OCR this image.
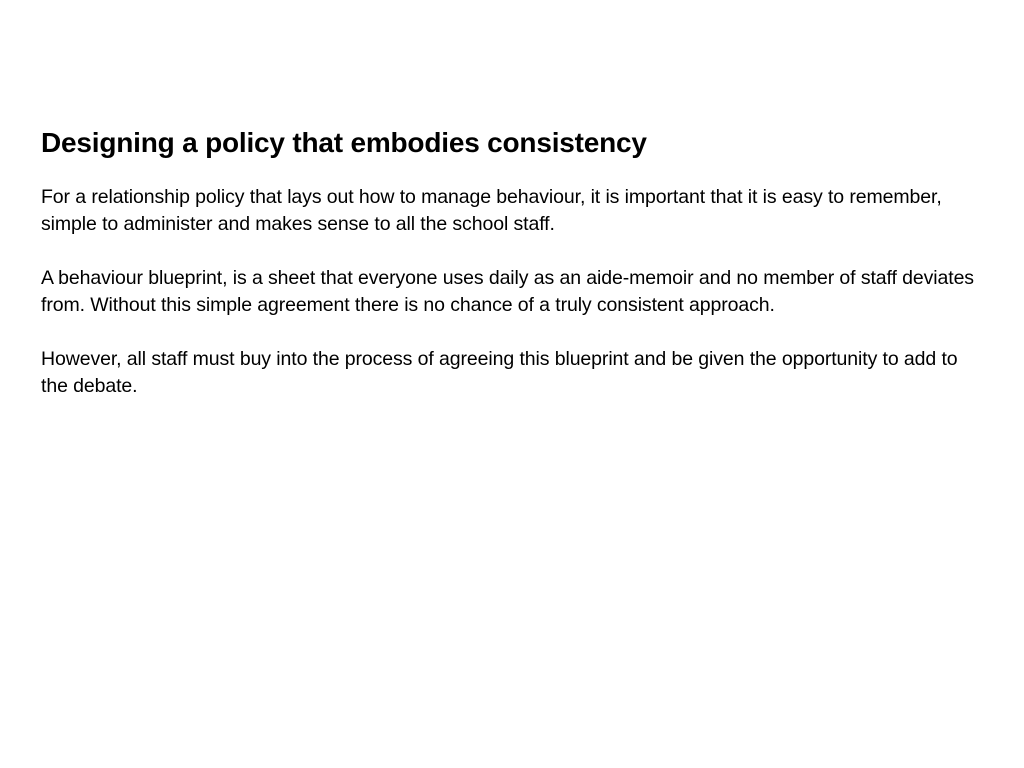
Designing a policy that embodies consistency

For a relationship policy that lays out how to manage behaviour, it is important that it is easy to remember, simple to administer and makes sense to all the school staff.

A behaviour blueprint, is a sheet that everyone uses daily as an aide-memoir and no member of staff deviates from. Without this simple agreement there is no chance of a truly consistent approach.

However, all staff must buy into the process of agreeing this blueprint and be given the opportunity to add to the debate.
